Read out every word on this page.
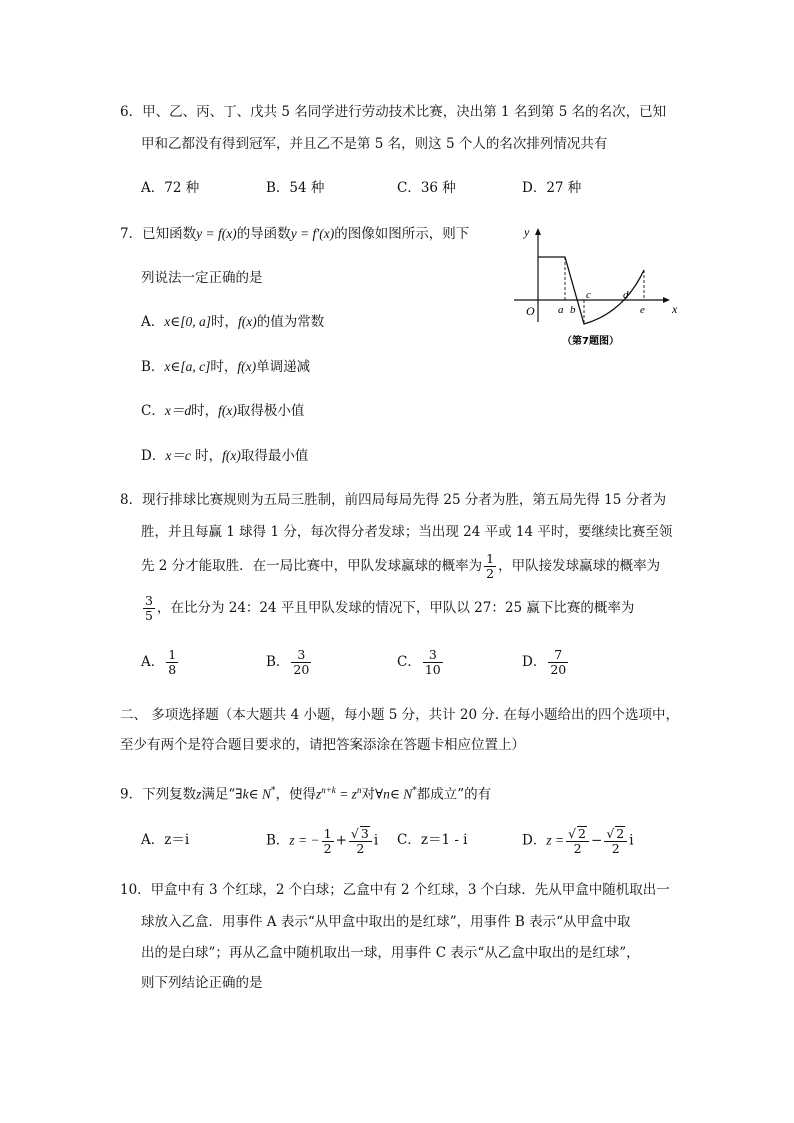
6．甲、乙、丙、丁、戊共 5 名同学进行劳动技术比赛，决出第 1 名到第 5 名的名次，已知
甲和乙都没有得到冠军，并且乙不是第 5 名，则这 5 个人的名次排列情况共有
A．72 种	B．54 种	C．36 种	D．27 种
7．已知函数y = f(x)的导函数y = f′(x)的图像如图所示，则下
列说法一定正确的是
A．x∈[0, a]时，f(x)的值为常数
B．x∈[a, c]时，f(x)单调递减
C．x＝d时，f(x)取得极小值
D．x＝c 时，f(x)取得最小值
y
x
O a b
c	d
e
（第7题图）
8．现行排球比赛规则为五局三胜制，前四局每局先得 25 分者为胜，第五局先得 15 分者为
胜，并且每赢 1 球得 1 分，每次得分者发球；当出现 24 平或 14 平时，要继续比赛至领
先 2 分才能取胜．在一局比赛中，甲队发球赢球的概率为 $\frac{1}{2}$ ，甲队接发球赢球的概率为
$\frac{3}{5}$ ，在比分为 24：24 平且甲队发球的情况下，甲队以 27：25 赢下比赛的概率为
A． $\frac{1}{8}$	B． $\frac{3}{20}$	C． $\frac{3}{10}$	D． $\frac{7}{20}$
二、 多项选择题（本大题共 4 小题，每小题 5 分，共计 20 分. 在每小题给出的四个选项中，
至少有两个是符合题目要求的，请把答案添涂在答题卡相应位置上）
9．下列复数z满足“∃k∈ N*，使得$z^{n+k} = z^n$对∀n∈ N*都成立”的有
A．z＝i	B．z = − $\frac{1}{2} + \frac{√ 3}{2}$ i C．z＝1 - i	D．$z = \frac{√ 2}{2} - \frac{√ 2}{2}$ i
10．甲盒中有 3 个红球，2 个白球；乙盒中有 2 个红球，3 个白球．先从甲盒中随机取出一
球放入乙盒．用事件 A 表示“从甲盒中取出的是红球”，用事件 B 表示“从甲盒中取
出的是白球”；再从乙盒中随机取出一球，用事件 C 表示“从乙盒中取出的是红球”，
则下列结论正确的是
